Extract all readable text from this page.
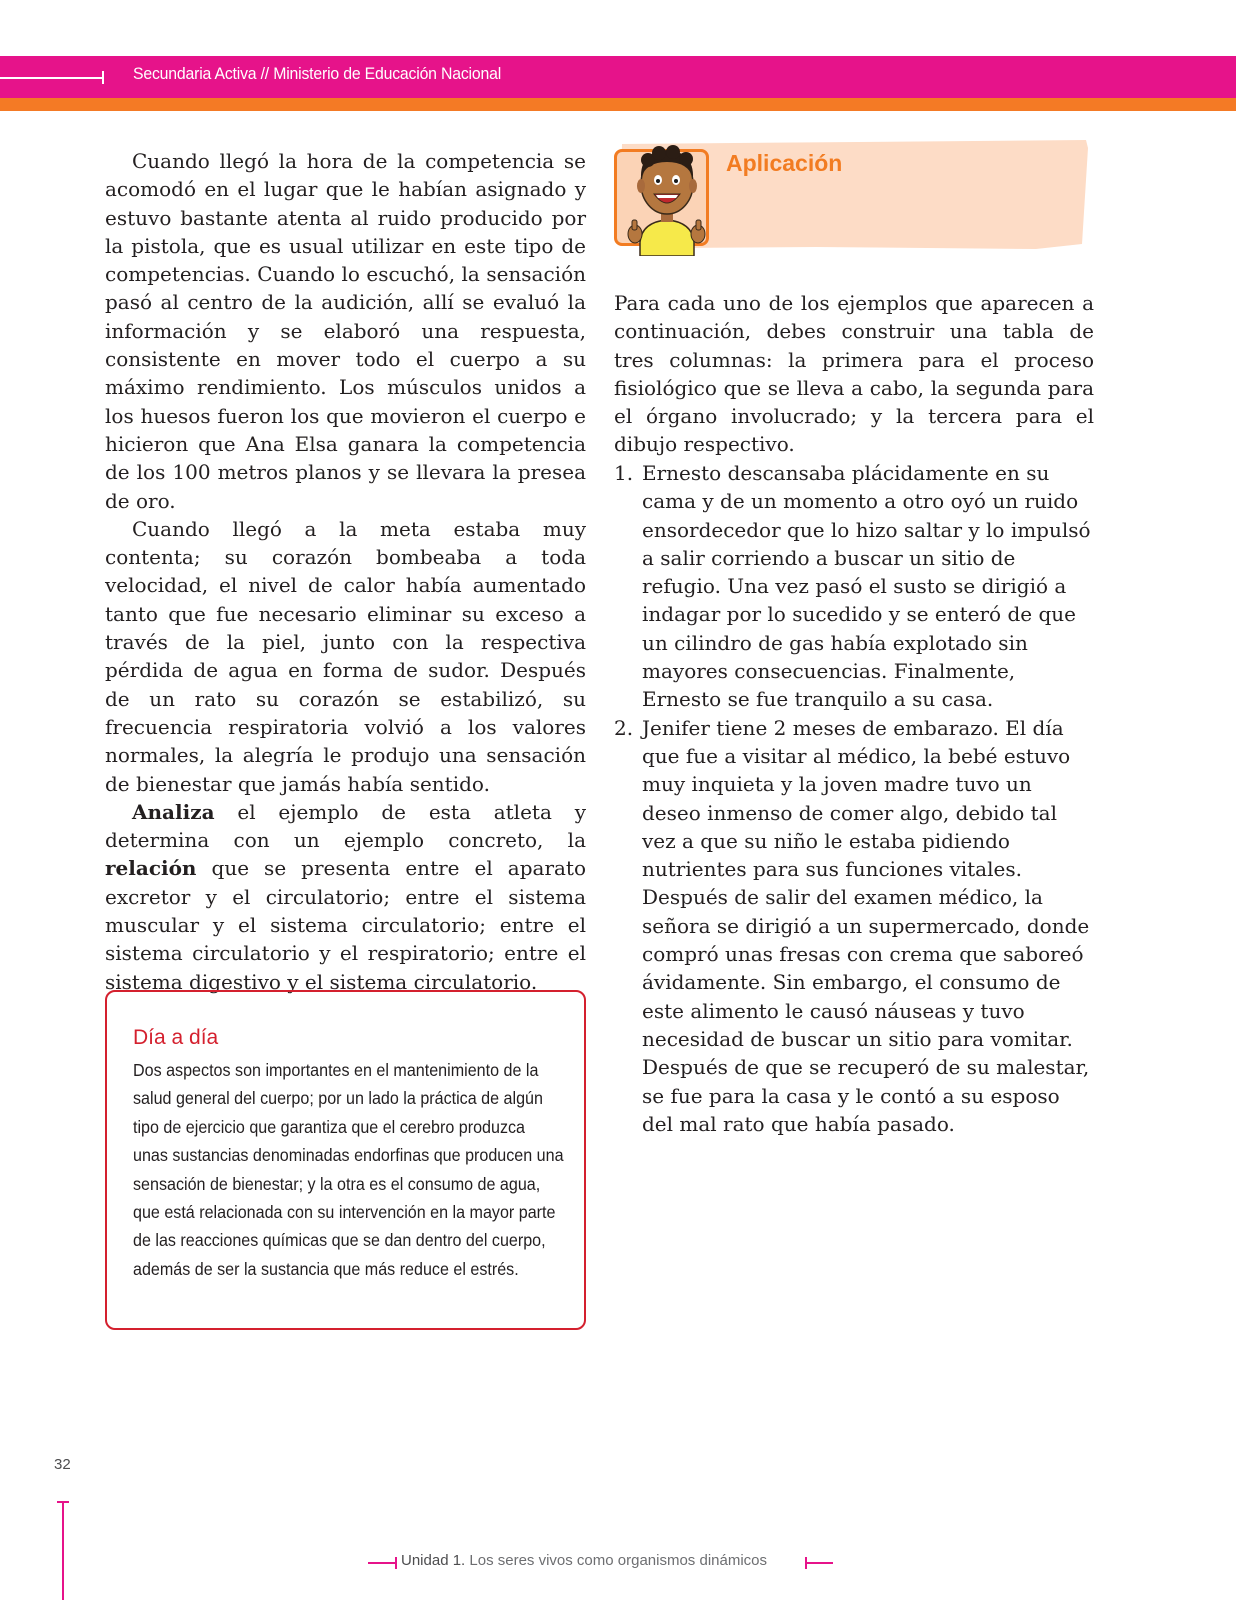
Secundaria Activa // Ministerio de Educación Nacional

Cuando llegó la hora de la competencia se acomodó en el lugar que le habían asignado y estuvo bastante atenta al ruido producido por la pistola, que es usual utilizar en este tipo de competencias. Cuando lo escuchó, la sensación pasó al centro de la audición, allí se evaluó la información y se elaboró una respuesta, consistente en mover todo el cuerpo a su máximo rendimiento. Los músculos unidos a los huesos fueron los que movieron el cuerpo e hicieron que Ana Elsa ganara la competencia de los 100 metros planos y se llevara la presea de oro.

Cuando llegó a la meta estaba muy contenta; su corazón bombeaba a toda velocidad, el nivel de calor había aumentado tanto que fue necesario eliminar su exceso a través de la piel, junto con la respectiva pérdida de agua en forma de sudor. Después de un rato su corazón se estabilizó, su frecuencia respiratoria volvió a los valores normales, la alegría le produjo una sensación de bienestar que jamás había sentido.

Analiza el ejemplo de esta atleta y determina con un ejemplo concreto, la relación que se presenta entre el aparato excretor y el circulatorio; entre el sistema muscular y el sistema circulatorio; entre el sistema circulatorio y el respiratorio; entre el sistema digestivo y el sistema circulatorio.

Día a día
Dos aspectos son importantes en el mantenimiento de la salud general del cuerpo; por un lado la práctica de algún tipo de ejercicio que garantiza que el cerebro produzca unas sustancias denominadas endorfinas que producen una sensación de bienestar; y la otra es el consumo de agua, que está relacionada con su intervención en la mayor parte de las reacciones químicas que se dan dentro del cuerpo, además de ser la sustancia que más reduce el estrés.
Aplicación

Para cada uno de los ejemplos que aparecen a continuación, debes construir una tabla de tres columnas: la primera para el proceso fisiológico que se lleva a cabo, la segunda para el órgano involucrado; y la tercera para el dibujo respectivo.

1. Ernesto descansaba plácidamente en su cama y de un momento a otro oyó un ruido ensordecedor que lo hizo saltar y lo impulsó a salir corriendo a buscar un sitio de refugio. Una vez pasó el susto se dirigió a indagar por lo sucedido y se enteró de que un cilindro de gas había explotado sin mayores consecuencias. Finalmente, Ernesto se fue tranquilo a su casa.
2. Jenifer tiene 2 meses de embarazo. El día que fue a visitar al médico, la bebé estuvo muy inquieta y la joven madre tuvo un deseo inmenso de comer algo, debido tal vez a que su niño le estaba pidiendo nutrientes para sus funciones vitales. Después de salir del examen médico, la señora se dirigió a un supermercado, donde compró unas fresas con crema que saboreó ávidamente. Sin embargo, el consumo de este alimento le causó náuseas y tuvo necesidad de buscar un sitio para vomitar. Después de que se recuperó de su malestar, se fue para la casa y le contó a su esposo del mal rato que había pasado.
32
Unidad 1. Los seres vivos como organismos dinámicos
